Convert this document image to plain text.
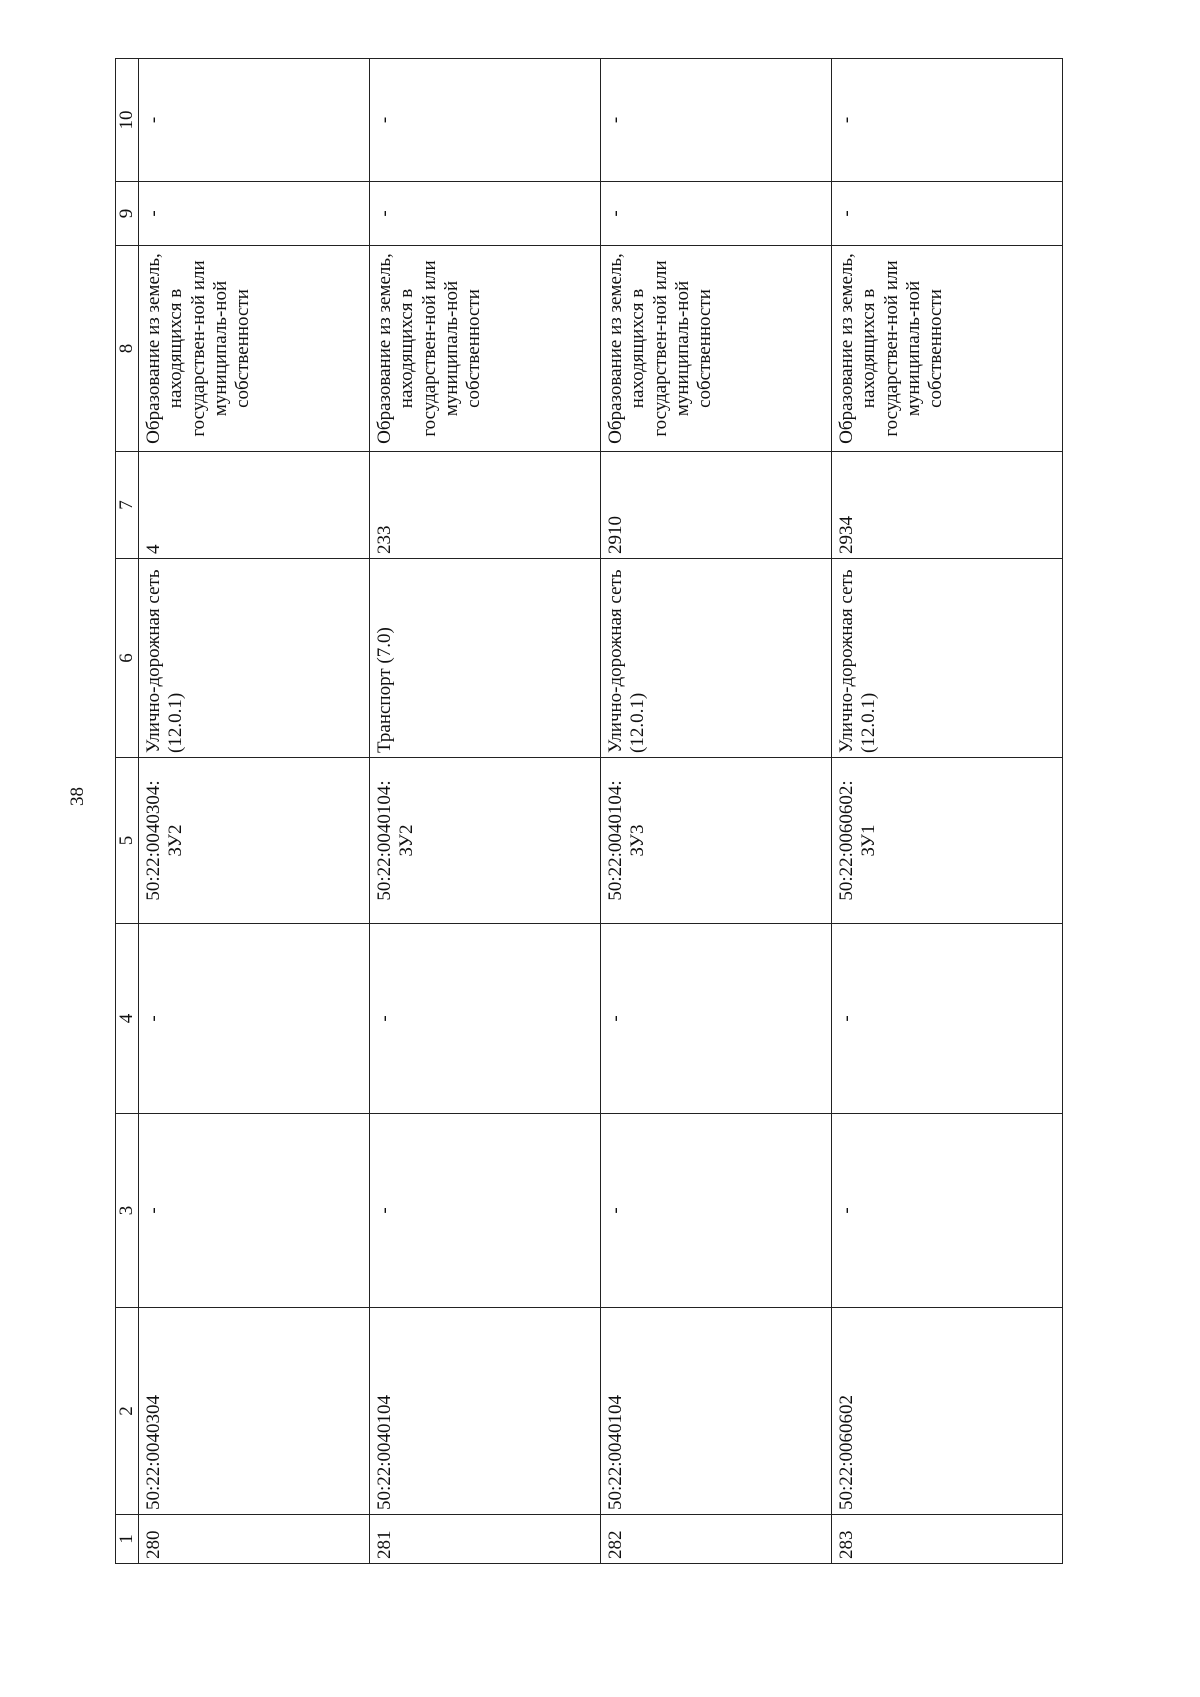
38
1	2	3	4	5	6	7	8	9	10
280	50:22:0040304	-	-	50:22:0040304: ЗУ2	Улично-дорожная сеть (12.0.1)	4	Образование из земель, находящихся в государствен-ной или муниципаль-ной собственности	-	-
281	50:22:0040104	-	-	50:22:0040104: ЗУ2	Транспорт (7.0)	233	Образование из земель, находящихся в государствен-ной или муниципаль-ной собственности	-	-
282	50:22:0040104	-	-	50:22:0040104: ЗУ3	Улично-дорожная сеть (12.0.1)	2910	Образование из земель, находящихся в государствен-ной или муниципаль-ной собственности	-	-
283	50:22:0060602	-	-	50:22:0060602: ЗУ1	Улично-дорожная сеть (12.0.1)	2934	Образование из земель, находящихся в государствен-ной или муниципаль-ной собственности	-	-
